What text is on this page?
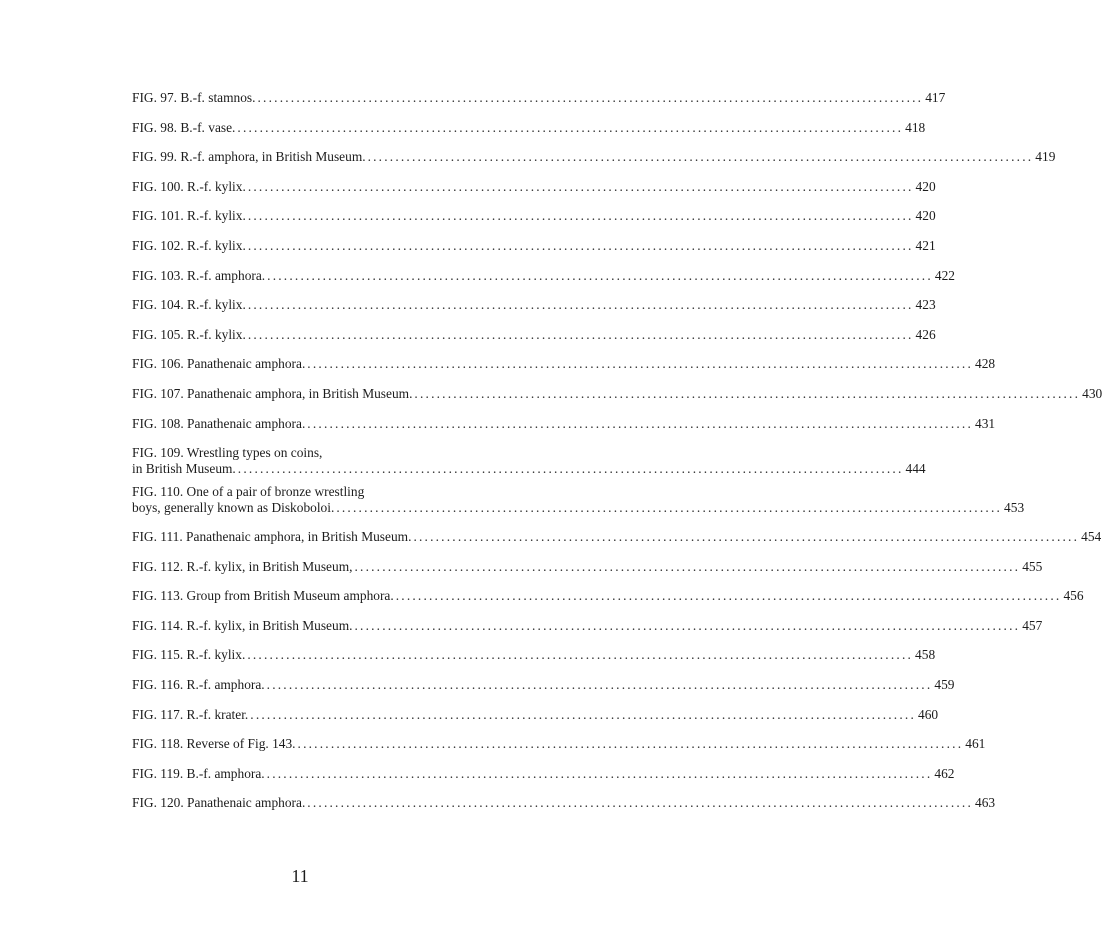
FIG. 97. B.-f. stamnos. ........................................................................................................................ 417
FIG. 98. B.-f. vase. ........................................................................................................................ 418
FIG. 99. R.-f. amphora, in British Museum. ........................................................................................................................ 419
FIG. 100. R.-f. kylix. ........................................................................................................................ 420
FIG. 101. R.-f. kylix. ........................................................................................................................ 420
FIG. 102. R.-f. kylix. ........................................................................................................................ 421
FIG. 103. R.-f. amphora. ........................................................................................................................ 422
FIG. 104. R.-f. kylix. ........................................................................................................................ 423
FIG. 105. R.-f. kylix. ........................................................................................................................ 426
FIG. 106. Panathenaic amphora. ........................................................................................................................ 428
FIG. 107. Panathenaic amphora, in British Museum. ........................................................................................................................ 430
FIG. 108. Panathenaic amphora. ........................................................................................................................ 431
FIG. 109. Wrestling types on coins,
in British Museum. ........................................................................................................................ 444
FIG. 110. One of a pair of bronze wrestling
boys, generally known as Diskoboloi. ........................................................................................................................ 453
FIG. 111. Panathenaic amphora, in British Museum. ........................................................................................................................ 454
FIG. 112. R.-f. kylix, in British Museum, ........................................................................................................................ 455
FIG. 113. Group from British Museum amphora. ........................................................................................................................ 456
FIG. 114. R.-f. kylix, in British Museum. ........................................................................................................................ 457
FIG. 115. R.-f. kylix. ........................................................................................................................ 458
FIG. 116. R.-f. amphora. ........................................................................................................................ 459
FIG. 117. R.-f. krater. ........................................................................................................................ 460
FIG. 118. Reverse of Fig. 143. ........................................................................................................................ 461
FIG. 119. B.-f. amphora. ........................................................................................................................ 462
FIG. 120. Panathenaic amphora. ........................................................................................................................ 463
11
